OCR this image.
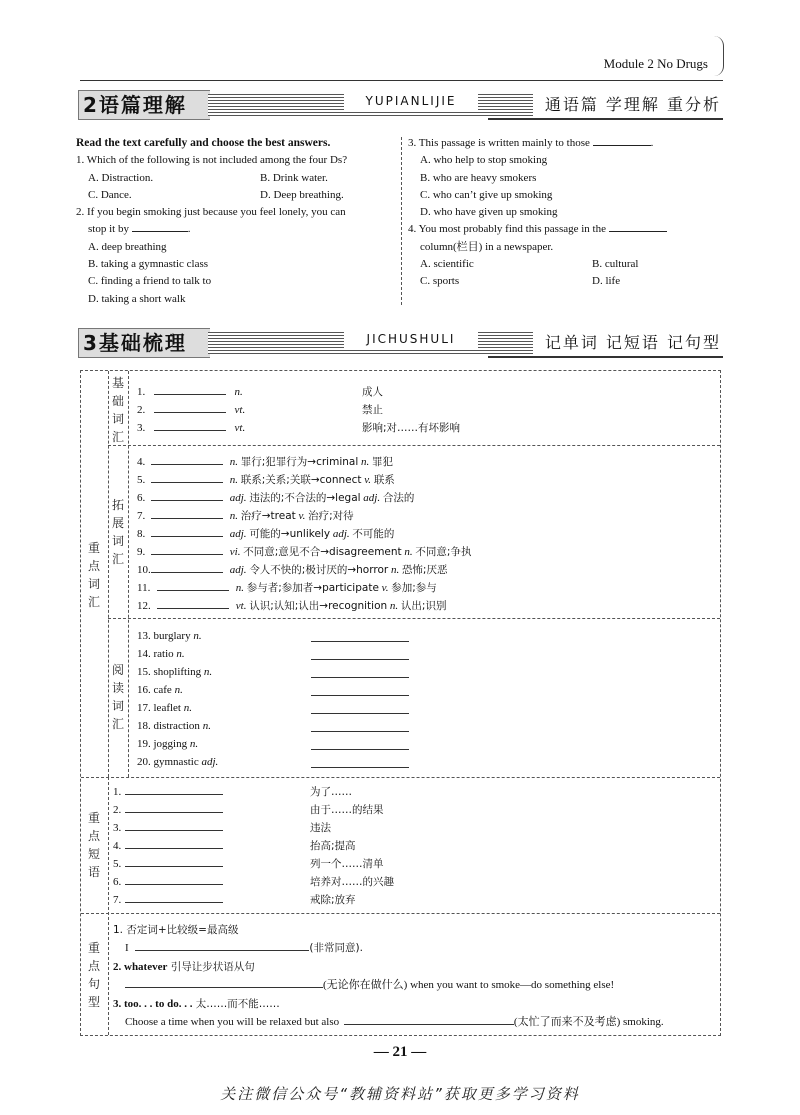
Module 2 No Drugs
2语篇理解	YUPIANLIJIE	通语篇 学理解 重分析
Read the text carefully and choose the best answers.
1. Which of the following is not included among the four Ds?
A. Distraction.	B. Drink water.
C. Dance.	D. Deep breathing.
2. If you begin smoking just because you feel lonely, you can
stop it by	.
A. deep breathing
B. taking a gymnastic class
C. finding a friend to talk to
D. taking a short walk
3. This passage is written mainly to those	.
A. who help to stop smoking
B. who are heavy smokers
C. who can’t give up smoking
D. who have given up smoking
4. You most probably find this passage in the
column(栏目) in a newspaper.
A. scientific	B. cultural
C. sports	D. life
3基础梳理	JICHUSHULI	记单词 记短语 记句型
重点词汇
基础词汇
拓展词汇
阅读词汇
重点短语
重点句型
1.	n.	成人
2.	vt.	禁止
3.	vt.	影响;对……有坏影响
4.	n. 罪行;犯罪行为→criminal n. 罪犯
5.	n. 联系;关系;关联→connect v. 联系
6.	adj. 违法的;不合法的→legal adj. 合法的
7.	n. 治疗→treat v. 治疗;对待
8.	adj. 可能的→unlikely adj. 不可能的
9.	vi. 不同意;意见不合→disagreement n. 不同意;争执
10.	adj. 令人不快的;极讨厌的→horror n. 恐怖;厌恶
11.	n. 参与者;参加者→participate v. 参加;参与
12.	vt. 认识;认知;认出→recognition n. 认出;识别
13. burglary n.
14. ratio n.
15. shoplifting n.
16. cafe n.
17. leaflet n.
18. distraction n.
19. jogging n.
20. gymnastic adj.
1.	为了……
2.	由于……的结果
3.	违法
4.	抬高;提高
5.	列一个……清单
6.	培养对……的兴趣
7.	戒除;放弃
1. 否定词+比较级=最高级
I	(非常同意).
2. whatever 引导让步状语从句
(无论你在做什么) when you want to smoke—do something else!
3. too. . . to do. . . 太……而不能……
Choose a time when you will be relaxed but also	(太忙了而来不及考虑) smoking.
— 21 —
关注微信公众号“教辅资料站”获取更多学习资料
